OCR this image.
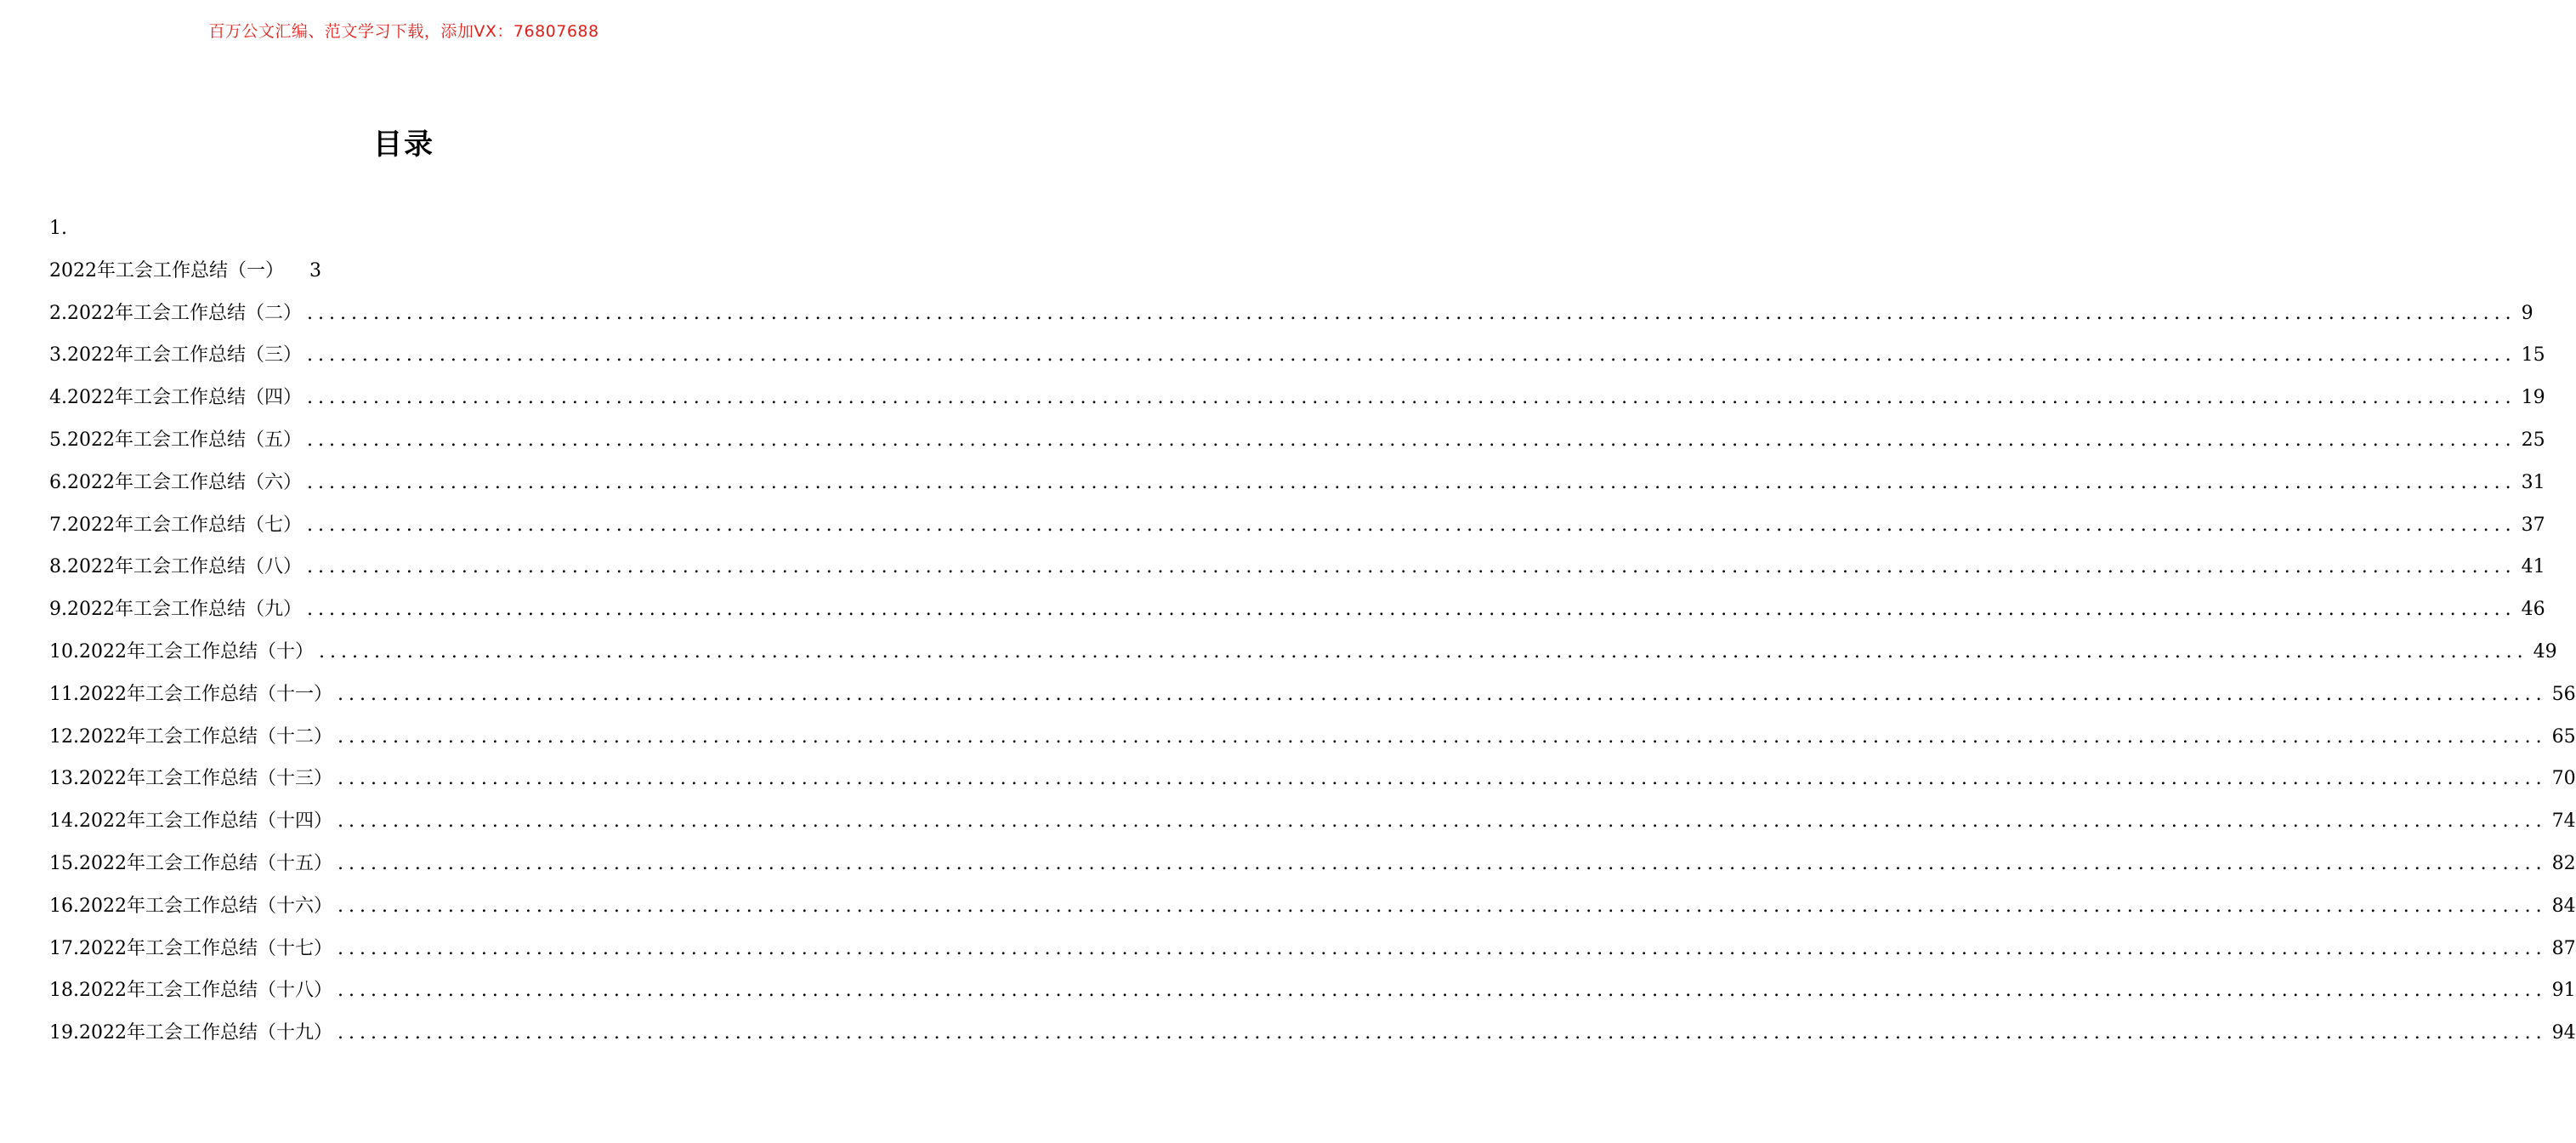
百万公文汇编、范文学习下载，添加VX：76807688
目录
1.
2022年工会工作总结（一） 3
2.2022年工会工作总结（二） ........................................................................................................................................................................................................ 9
3.2022年工会工作总结（三） ........................................................................................................................................................................................................ 15
4.2022年工会工作总结（四） ........................................................................................................................................................................................................ 19
5.2022年工会工作总结（五） ........................................................................................................................................................................................................ 25
6.2022年工会工作总结（六） ........................................................................................................................................................................................................ 31
7.2022年工会工作总结（七） ........................................................................................................................................................................................................ 37
8.2022年工会工作总结（八） ........................................................................................................................................................................................................ 41
9.2022年工会工作总结（九） ........................................................................................................................................................................................................ 46
10.2022年工会工作总结（十） ........................................................................................................................................................................................................ 49
11.2022年工会工作总结（十一） ........................................................................................................................................................................................................ 56
12.2022年工会工作总结（十二） ........................................................................................................................................................................................................ 65
13.2022年工会工作总结（十三） ........................................................................................................................................................................................................ 70
14.2022年工会工作总结（十四） ........................................................................................................................................................................................................ 74
15.2022年工会工作总结（十五） ........................................................................................................................................................................................................ 82
16.2022年工会工作总结（十六） ........................................................................................................................................................................................................ 84
17.2022年工会工作总结（十七） ........................................................................................................................................................................................................ 87
18.2022年工会工作总结（十八） ........................................................................................................................................................................................................ 91
19.2022年工会工作总结（十九） ........................................................................................................................................................................................................ 94
